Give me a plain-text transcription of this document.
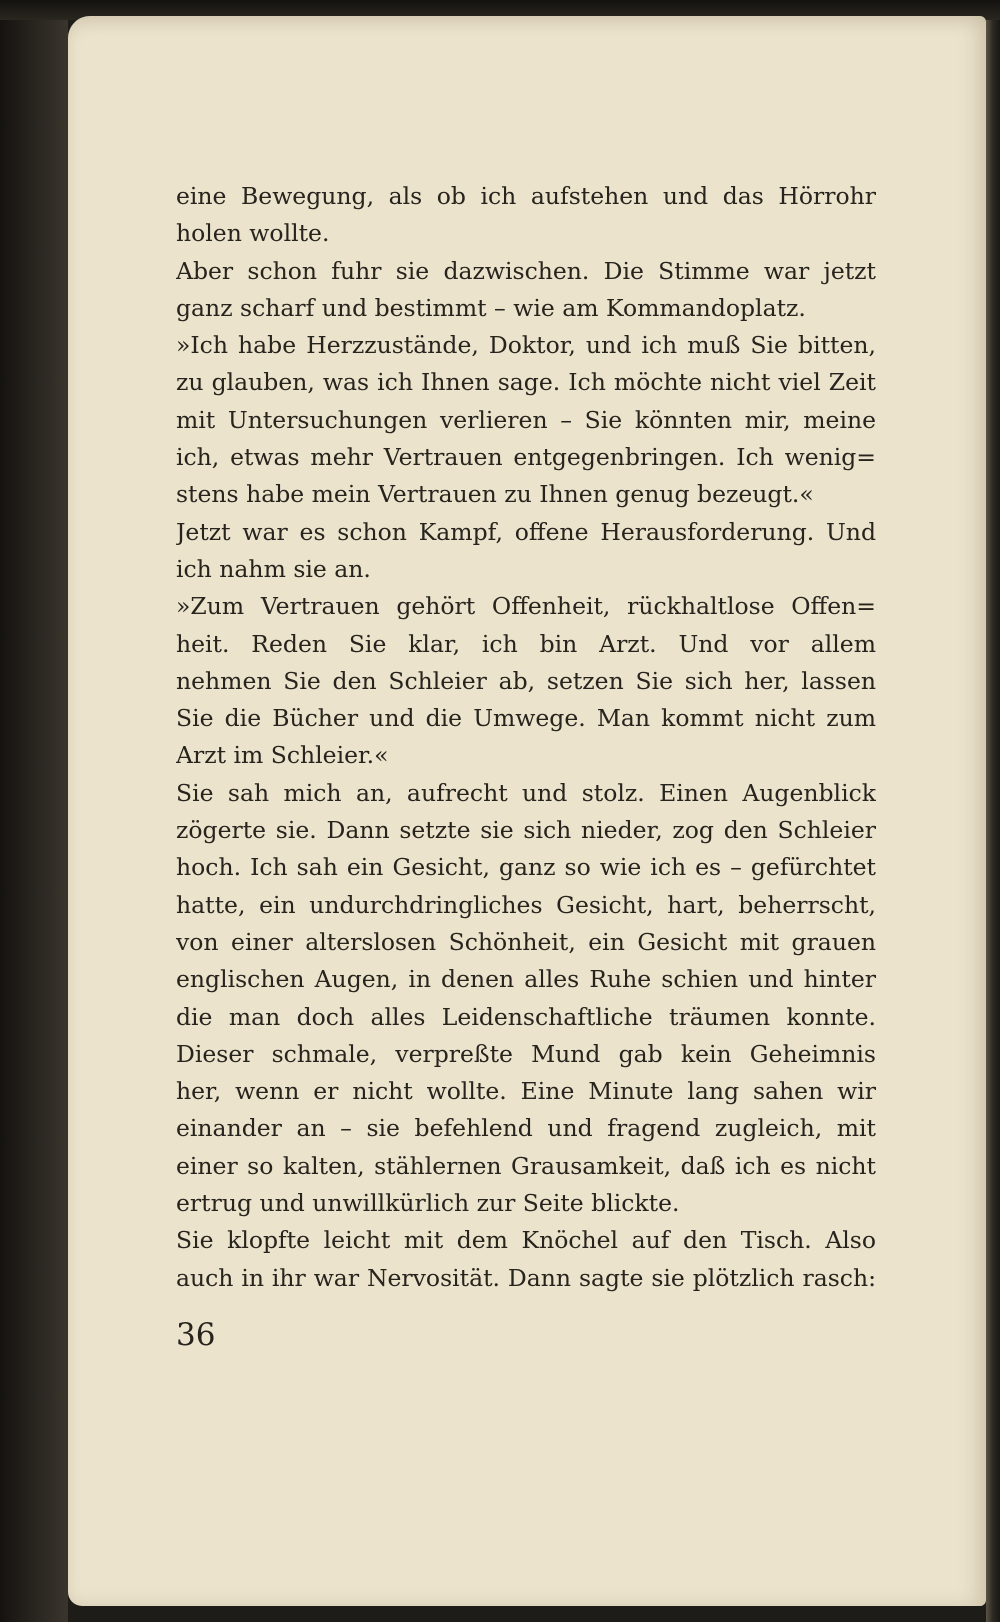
eine Bewegung, als ob ich aufstehen und das Hörrohr
holen wollte.
Aber schon fuhr sie dazwischen. Die Stimme war jetzt
ganz scharf und bestimmt – wie am Kommandoplatz.
»Ich habe Herzzustände, Doktor, und ich muß Sie bitten,
zu glauben, was ich Ihnen sage. Ich möchte nicht viel Zeit
mit Untersuchungen verlieren – Sie könnten mir, meine
ich, etwas mehr Vertrauen entgegenbringen. Ich wenig=
stens habe mein Vertrauen zu Ihnen genug bezeugt.«
Jetzt war es schon Kampf, offene Herausforderung. Und
ich nahm sie an.
»Zum Vertrauen gehört Offenheit, rückhaltlose Offen=
heit. Reden Sie klar, ich bin Arzt. Und vor allem
nehmen Sie den Schleier ab, setzen Sie sich her, lassen
Sie die Bücher und die Umwege. Man kommt nicht zum
Arzt im Schleier.«
Sie sah mich an, aufrecht und stolz. Einen Augenblick
zögerte sie. Dann setzte sie sich nieder, zog den Schleier
hoch. Ich sah ein Gesicht, ganz so wie ich es – gefürchtet
hatte, ein undurchdringliches Gesicht, hart, beherrscht,
von einer alterslosen Schönheit, ein Gesicht mit grauen
englischen Augen, in denen alles Ruhe schien und hinter
die man doch alles Leidenschaftliche träumen konnte.
Dieser schmale, verpreßte Mund gab kein Geheimnis
her, wenn er nicht wollte. Eine Minute lang sahen wir
einander an – sie befehlend und fragend zugleich, mit
einer so kalten, stählernen Grausamkeit, daß ich es nicht
ertrug und unwillkürlich zur Seite blickte.
Sie klopfte leicht mit dem Knöchel auf den Tisch. Also
auch in ihr war Nervosität. Dann sagte sie plötzlich rasch:
36
